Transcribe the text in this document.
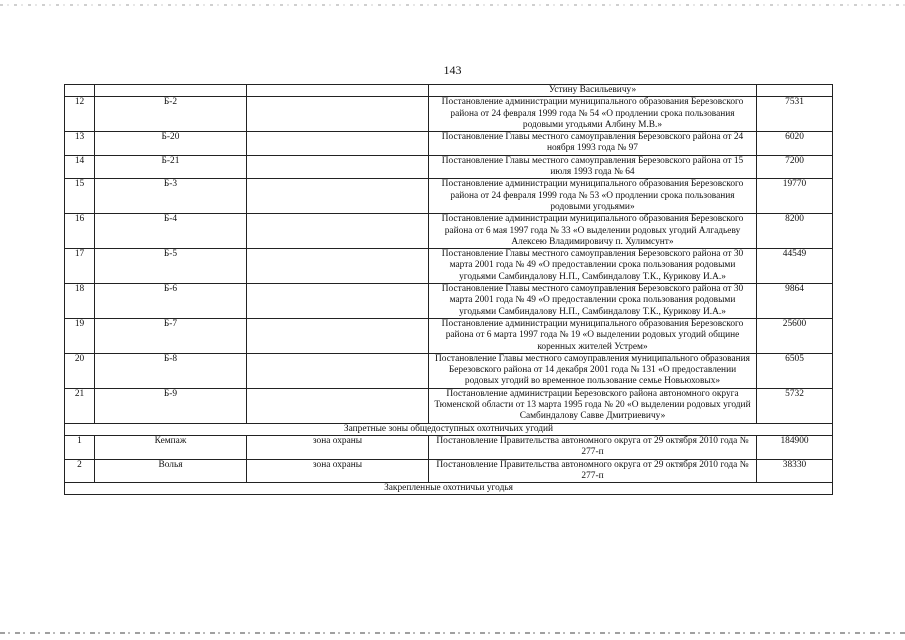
143
			Устину Васильевичу»	
12	Б-2		Постановление администрации муниципального образования Березовского района от 24 февраля 1999 года № 54 «О продлении срока пользования родовыми угодьями Албину М.В.»	7531
13	Б-20		Постановление Главы местного самоуправления Березовского района от 24 ноября 1993 года № 97	6020
14	Б-21		Постановление Главы местного самоуправления Березовского района от 15 июля 1993 года № 64	7200
15	Б-3		Постановление администрации муниципального образования Березовского района от 24 февраля 1999 года № 53 «О продлении срока пользования родовыми угодьями»	19770
16	Б-4		Постановление администрации муниципального образования Березовского района от 6 мая 1997 года № 33 «О выделении родовых угодий Алгадьеву Алексею Владимировичу п. Хулимсунт»	8200
17	Б-5		Постановление Главы местного самоуправления Березовского района от 30 марта 2001 года № 49 «О предоставлении срока пользования родовыми угодьями Самбиндалову Н.П., Самбиндалову Т.К., Курикову И.А.»	44549
18	Б-6		Постановление Главы местного самоуправления Березовского района от 30 марта 2001 года № 49 «О предоставлении срока пользования родовыми угодьями Самбиндалову Н.П., Самбиндалову Т.К., Курикову И.А.»	9864
19	Б-7		Постановление администрации муниципального образования Березовского района от 6 марта 1997 года № 19 «О выделении родовых угодий общине коренных жителей Устрем»	25600
20	Б-8		Постановление Главы местного самоуправления муниципального образования Березовского района от 14 декабря 2001 года № 131 «О предоставлении родовых угодий во временное пользование семье Новьюховых»	6505
21	Б-9		Постановление администрации Березовского района автономного округа Тюменской области от 13 марта 1995 года № 20 «О выделении родовых угодий Самбиндалову Савве Дмитриевичу»	5732
Запретные зоны общедоступных охотничьих угодий				
1	Кемпаж	зона охраны	Постановление Правительства автономного округа от 29 октября 2010 года № 277-п	184900
2	Волья	зона охраны	Постановление Правительства автономного округа от 29 октября 2010 года № 277-п	38330
Закрепленные охотничьи угодья				
